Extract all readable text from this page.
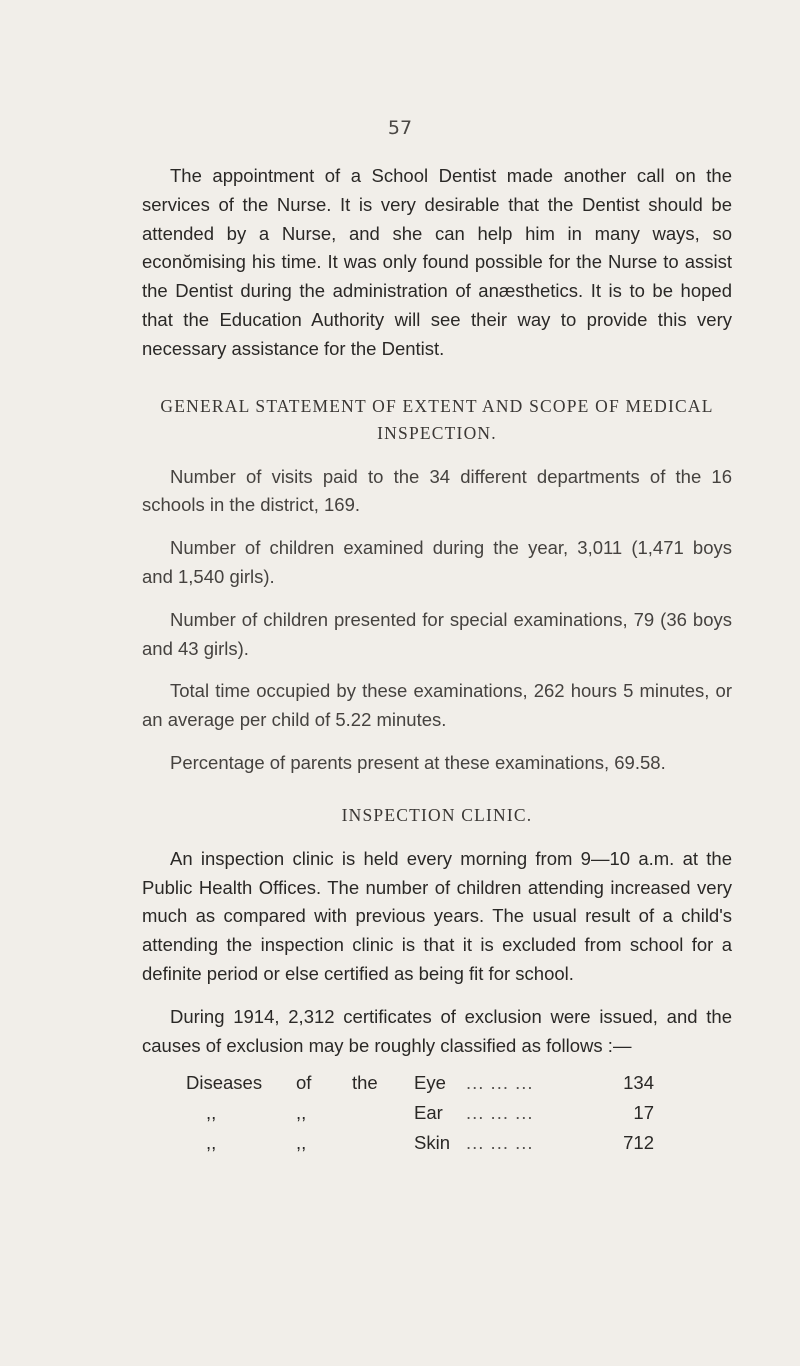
57

The appointment of a School Dentist made another call on the services of the Nurse. It is very desirable that the Dentist should be attended by a Nurse, and she can help him in many ways, so econŏmising his time. It was only found possible for the Nurse to assist the Dentist during the administration of anæsthetics. It is to be hoped that the Education Authority will see their way to provide this very necessary assistance for the Dentist.

GENERAL STATEMENT OF EXTENT AND SCOPE OF MEDICAL INSPECTION.

Number of visits paid to the 34 different departments of the 16 schools in the district, 169.

Number of children examined during the year, 3,011 (1,471 boys and 1,540 girls).

Number of children presented for special examinations, 79 (36 boys and 43 girls).

Total time occupied by these examinations, 262 hours 5 minutes, or an average per child of 5.22 minutes.

Percentage of parents present at these examinations, 69.58.

INSPECTION CLINIC.

An inspection clinic is held every morning from 9—10 a.m. at the Public Health Offices. The number of children attending increased very much as compared with previous years. The usual result of a child's attending the inspection clinic is that it is excluded from school for a definite period or else certified as being fit for school.

During 1914, 2,312 certificates of exclusion were issued, and the causes of exclusion may be roughly classified as follows :—

Diseases	of	the	Eye	... ... ...	134
,,	,,	Ear	... ... ...	17
,,	,,	Skin ... ... ...	712
